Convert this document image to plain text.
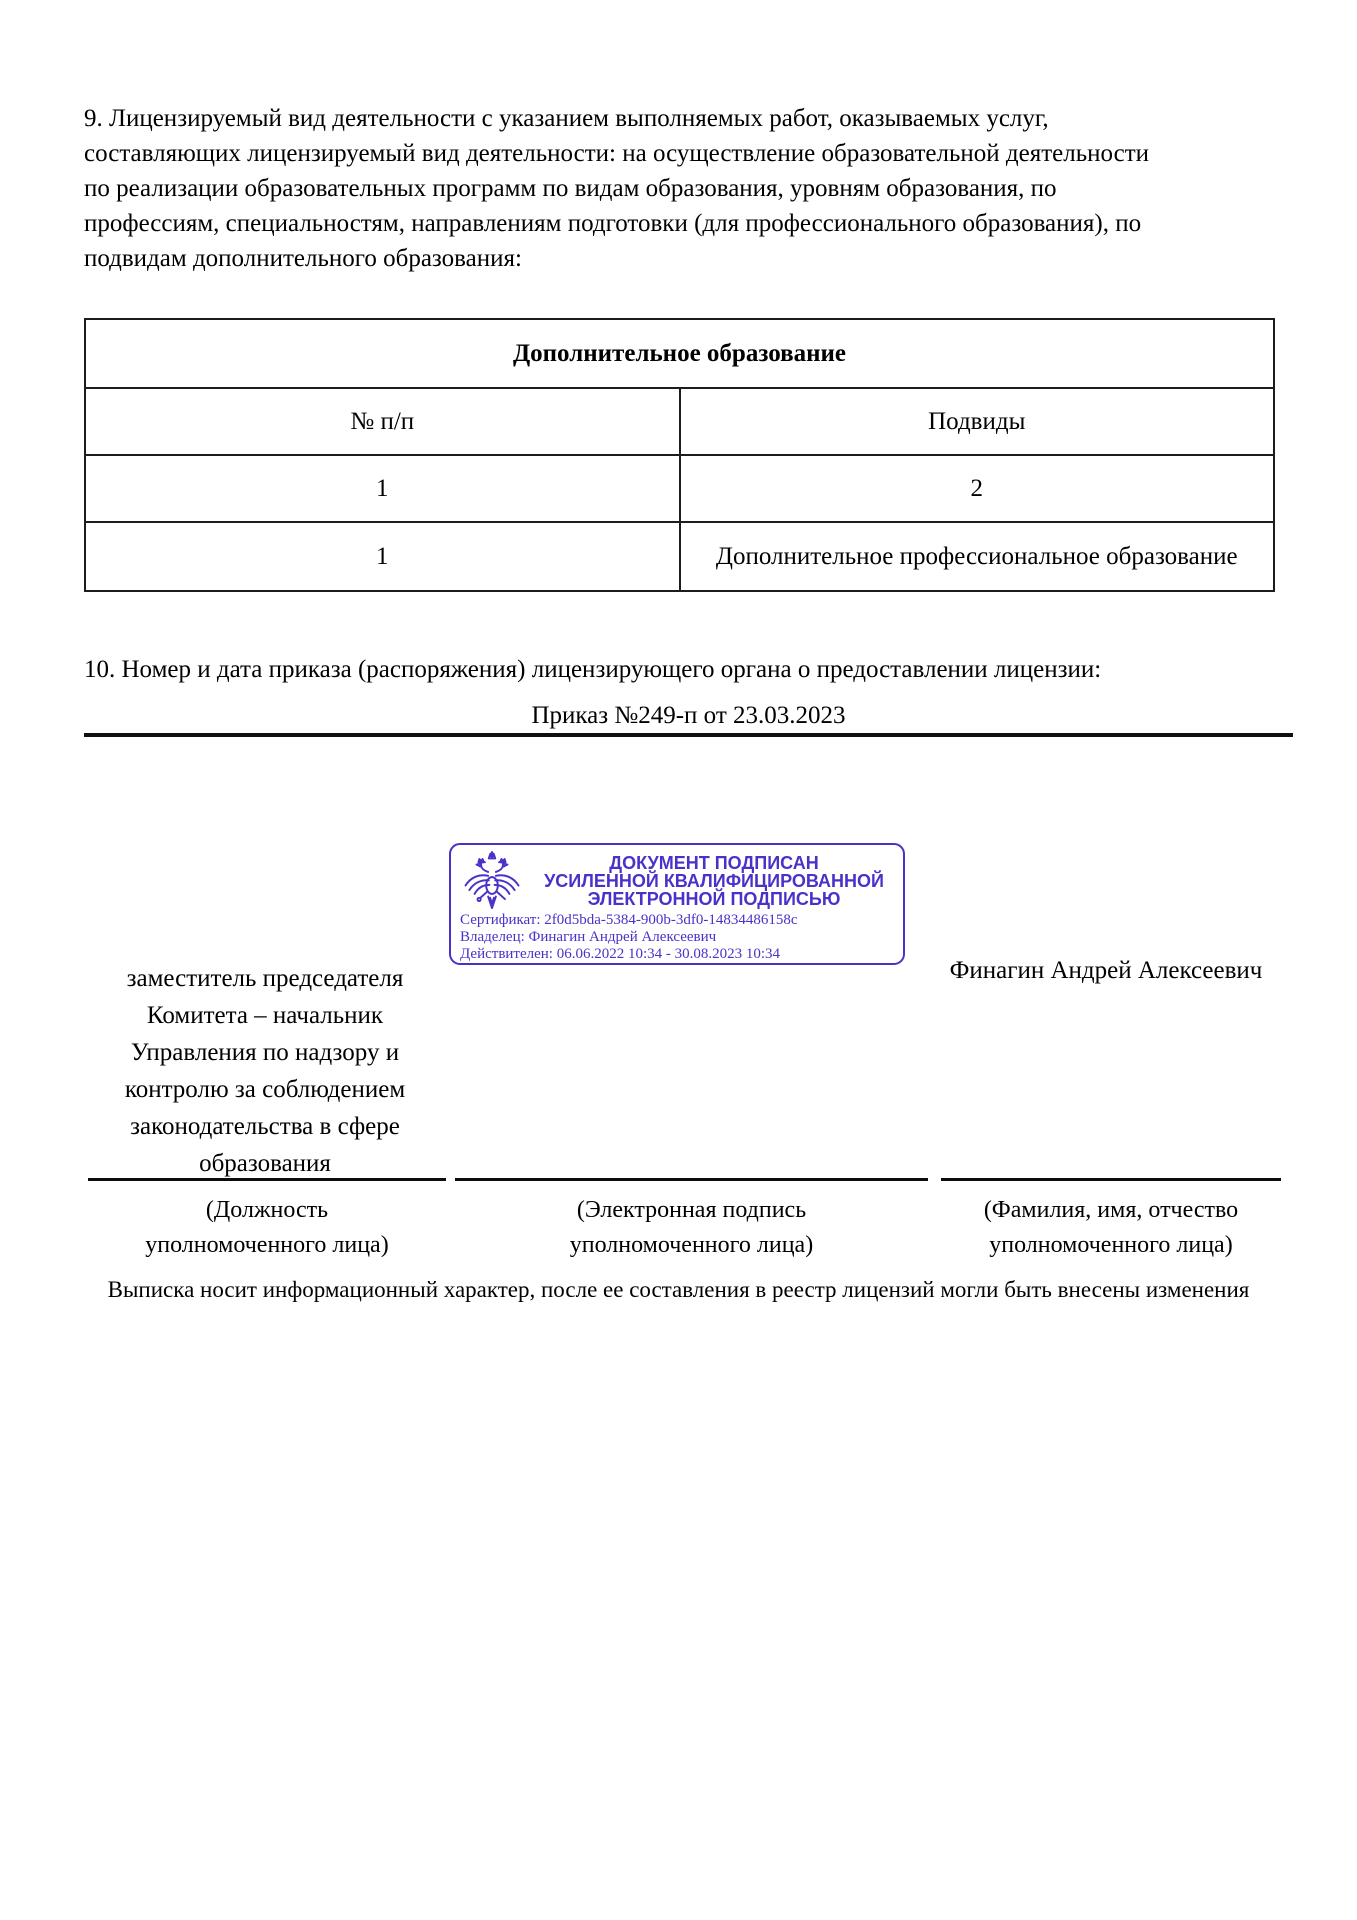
9. Лицензируемый вид деятельности с указанием выполняемых работ, оказываемых услуг,
составляющих лицензируемый вид деятельности: на осуществление образовательной деятельности
по реализации образовательных программ по видам образования, уровням образования, по
профессиям, специальностям, направлениям подготовки (для профессионального образования), по
подвидам дополнительного образования:
Дополнительное образование	
№ п/п	Подвиды
1	2
1	Дополнительное профессиональное образование
10. Номер и дата приказа (распоряжения) лицензирующего органа о предоставлении лицензии:
Приказ №249-п от 23.03.2023
ДОКУМЕНТ ПОДПИСАН
УСИЛЕННОЙ КВАЛИФИЦИРОВАННОЙ
ЭЛЕКТРОННОЙ ПОДПИСЬЮ
Сертификат: 2f0d5bda-5384-900b-3df0-14834486158c
Владелец: Финагин Андрей Алексеевич
Действителен: 06.06.2022 10:34 - 30.08.2023 10:34
заместитель председателя
Комитета – начальник
Управления по надзору и
контролю за соблюдением
законодательства в сфере
образования
Финагин Андрей Алексеевич
(Должность
уполномоченного лица)
(Электронная подпись
уполномоченного лица)
(Фамилия, имя, отчество
уполномоченного лица)
Выписка носит информационный характер, после ее составления в реестр лицензий могли быть внесены изменения
